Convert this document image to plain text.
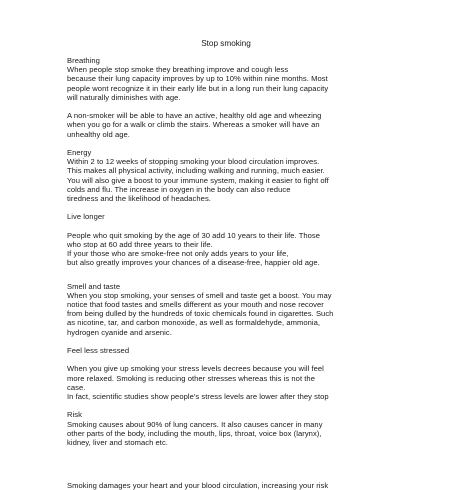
Stop smoking
Breathing
When people stop smoke they breathing improve and cough less
because their lung capacity improves by up to 10% within nine months. Most
people wont recognize it in their early life but in a long run their lung capacity
will naturally diminishes with age.
A non-smoker will be able to have an active, healthy old age and wheezing
when you go for a walk or climb the stairs. Whereas a smoker will have an
unhealthy old age.
Energy
Within 2 to 12 weeks of stopping smoking your blood circulation improves.
This makes all physical activity, including walking and running, much easier.
You will also give a boost to your immune system, making it easier to fight off
colds and flu. The increase in oxygen in the body can also reduce
tiredness and the likelihood of headaches.
Live longer
People who quit smoking by the age of 30 add 10 years to their life. Those
who stop at 60 add three years to their life.
If your those who are smoke-free not only adds years to your life,
but also greatly improves your chances of a disease-free, happier old age.
Smell and taste
When you stop smoking, your senses of smell and taste get a boost. You may
notice that food tastes and smells different as your mouth and nose recover
from being dulled by the hundreds of toxic chemicals found in cigarettes. Such
as nicotine, tar, and carbon monoxide, as well as formaldehyde, ammonia,
hydrogen cyanide and arsenic.
Feel less stressed
When you give up smoking your stress levels decrees because you will feel
more relaxed. Smoking is reducing other stresses whereas this is not the
case.
In fact, scientific studies show people's stress levels are lower after they stop
Risk
Smoking causes about 90% of lung cancers. It also causes cancer in many
other parts of the body, including the mouth, lips, throat, voice box (larynx),
kidney, liver and stomach etc.
Smoking damages your heart and your blood circulation, increasing your risk
